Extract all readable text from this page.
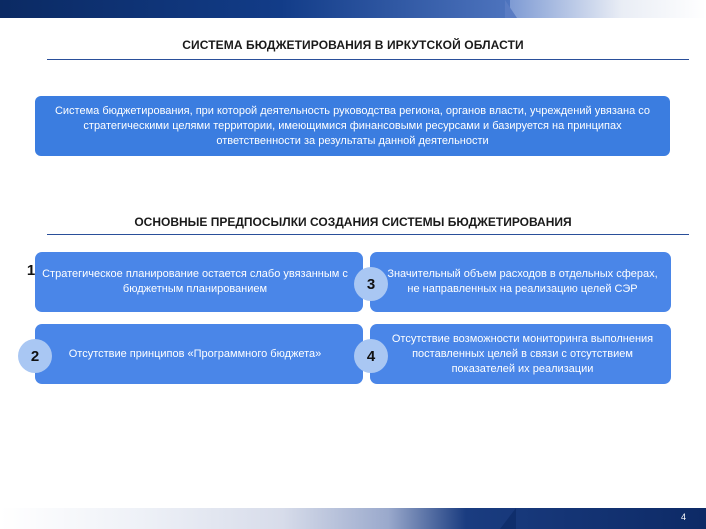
СИСТЕМА БЮДЖЕТИРОВАНИЯ В ИРКУТСКОЙ ОБЛАСТИ
Система бюджетирования, при которой деятельность руководства региона, органов власти, учреждений увязана со стратегическими целями территории, имеющимися финансовыми ресурсами и базируется на принципах ответственности за результаты данной деятельности
ОСНОВНЫЕ ПРЕДПОСЫЛКИ СОЗДАНИЯ СИСТЕМЫ БЮДЖЕТИРОВАНИЯ
Стратегическое планирование остается слабо увязанным с бюджетным планированием
1
Отсутствие принципов «Программного бюджета»
2
Значительный объем расходов в отдельных сферах, не направленных на реализацию целей СЭР
3
Отсутствие возможности мониторинга выполнения поставленных целей в связи с отсутствием показателей их реализации
4
4
